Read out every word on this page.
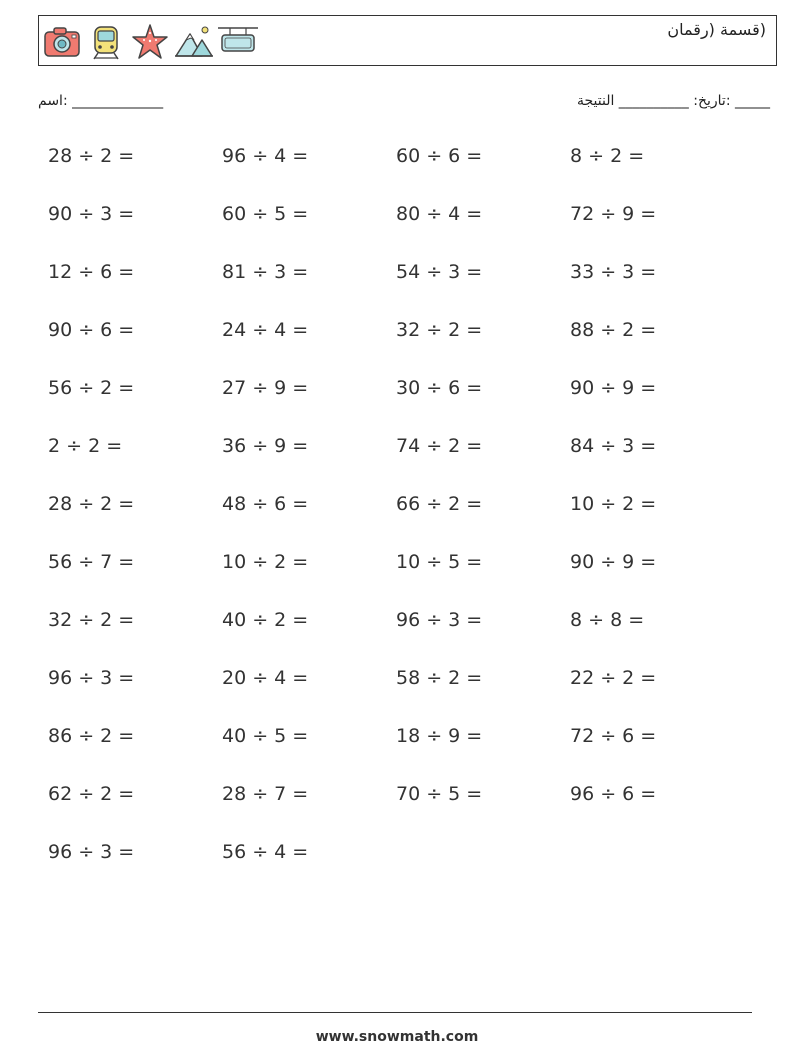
(قسمة (رقمان
اسم: _____________	_____ :تاريخ: __________ النتيجة
28 ÷ 2 =	96 ÷ 4 =	60 ÷ 6 =	8 ÷ 2 =
90 ÷ 3 =	60 ÷ 5 =	80 ÷ 4 =	72 ÷ 9 =
12 ÷ 6 =	81 ÷ 3 =	54 ÷ 3 =	33 ÷ 3 =
90 ÷ 6 =	24 ÷ 4 =	32 ÷ 2 =	88 ÷ 2 =
56 ÷ 2 =	27 ÷ 9 =	30 ÷ 6 =	90 ÷ 9 =
2 ÷ 2 =	36 ÷ 9 =	74 ÷ 2 =	84 ÷ 3 =
28 ÷ 2 =	48 ÷ 6 =	66 ÷ 2 =	10 ÷ 2 =
56 ÷ 7 =	10 ÷ 2 =	10 ÷ 5 =	90 ÷ 9 =
32 ÷ 2 =	40 ÷ 2 =	96 ÷ 3 =	8 ÷ 8 =
96 ÷ 3 =	20 ÷ 4 =	58 ÷ 2 =	22 ÷ 2 =
86 ÷ 2 =	40 ÷ 5 =	18 ÷ 9 =	72 ÷ 6 =
62 ÷ 2 =	28 ÷ 7 =	70 ÷ 5 =	96 ÷ 6 =
96 ÷ 3 =	56 ÷ 4 =
www.snowmath.com
